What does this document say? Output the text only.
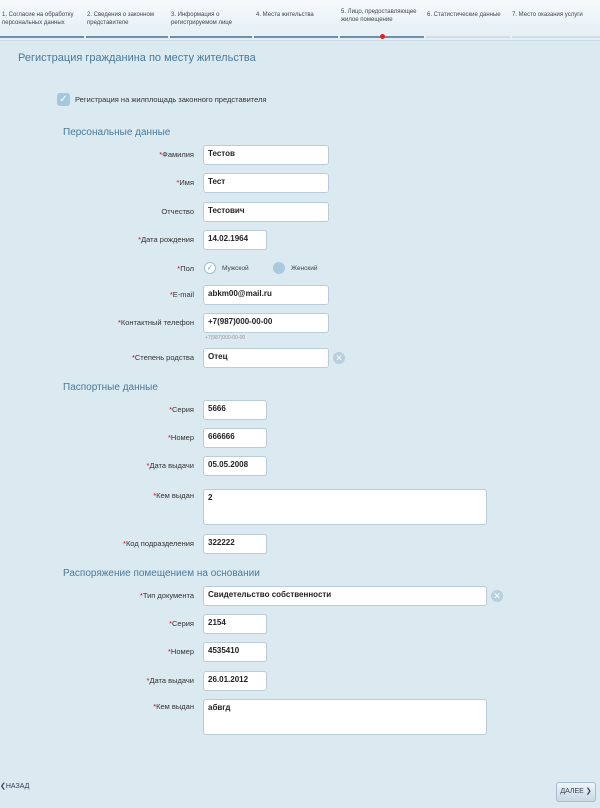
1. Согласие на обработку персональных данных
2. Сведения о законном представителе
3. Информация о регистрируемом лице
4. Места жительства	5. Лицо, предоставляющее жилое помещение
6. Статистические данные	7. Место оказания услуги
Регистрация гражданина по месту жительства
✓ Регистрация на жилплощадь законного представителя
Персональные данные
*Фамилия	Тестов
*Имя	Тест
Отчество	Тестович
*Дата рождения	14.02.1964
*Пол	✓	Мужской	Женский
*E-mail	abkm00@mail.ru
*Контактный телефон	+7(987)000-00-00
+7(987)000-00-00
*Степень родства	Отец	✕
Паспортные данные
*Серия	5666
*Номер	666666
*Дата выдачи	05.05.2008
*Кем выдан	2
*Код подразделения	322222
Распоряжение помещением на основании
*Тип документа	Свидетельство собственности	✕
*Серия	2154
*Номер	4535410
*Дата выдачи	26.01.2012
*Кем выдан	абвгд
❮НАЗАД
ДАЛЕЕ ❯
